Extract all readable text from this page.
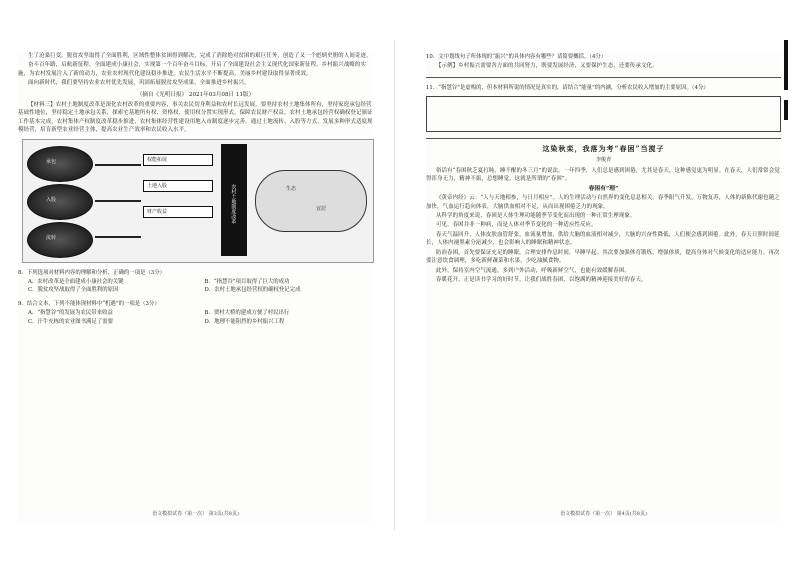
生了沧桑巨变。脱贫攻坚取得了全面胜利，区域性整体贫困得到解决，完成了消除绝对贫困的艰巨任务，创造了又一个彪炳史册的人间奇迹。

奋斗百年路，启航新征程。全面建成小康社会，实现第一个百年奋斗目标，开启了全面建设社会主义现代化国家新征程。乡村振兴战略的实施，为农村发展注入了新的动力，农业农村现代化建设稳步推进，农民生活水平不断提高，美丽乡村建设取得显著成效。

面向新时代，我们要坚持农业农村优先发展，巩固拓展脱贫攻坚成果，全面推进乡村振兴。

（摘自《光明日报》 2021年03月08日 11版）

【材料三】农村土地制度改革是深化农村改革的重要内容，事关农民切身利益和农村长远发展。要坚持农村土地集体所有，坚持家庭承包经营基础性地位，坚持稳定土地承包关系，探索宅基地所有权、资格权、使用权分置实现形式，保障农民财产权益。农村土地承包经营权确权登记颁证工作基本完成，农村集体产权制度改革稳步推进，农村集体经营性建设用地入市制度逐步完善。通过土地流转、入股等方式，发展多种形式适度规模经营，培育新型农业经营主体，提高农业生产效率和农民收入水平。

承包
入股
流转
权能拓展
土地入股
财产收益	农村土地制度改革	生态
宜居
8．下列选项对材料内容的理解和分析，正确的一项是（3分）
A．农村改革是全面建成小康社会的关键	B．“指慧谷”项目取得了巨大的成功
C．脱贫攻坚战取得了全面胜利的原因	D．农村土地承包经营权的确权登记完成
9．结合文本，下列不能体现材料中“机遇”的一项是（3分）
A．“指慧谷”的发展为农民带来收益	B．贾村大桥的建成方便了村民出行
C．汗牛充栋的农业图书满足了需要	D．地理不能阻挡的乡村振兴工程
语文模拟试卷（第一次） 第3页(共8页)
10．文中划线句子所体现的“振兴”的具体内容有哪些？请简要概括。（4分）

【示例】乡村振兴需要各方面的共同努力，既要发展经济，又要保护生态，还要传承文化。

11．“指慧谷”是虚构的，但本材料所说的情况是真实的，请结合“能量”的内涵，分析农民收入增加的主要原因。（4分）
这染秋栾，我落为考“春困”当搅子
李俊青

俗话有“春困秋乏夏打盹，睡不醒的冬三月”的说法。一年四季，人们总是感到困倦，尤其是春天，这种感觉更为明显。在春天，人们常常会觉得浑身无力，精神不振，总想睡觉，这就是所谓的“春困”。

春困有“理”

《黄帝内经》云：“人与天地相参，与日月相应”。人的生理活动与自然界的变化息息相关。春季阳气升发，万物复苏，人体的新陈代谢也随之加快，气血运行趋向体表，大脑供血相对不足，从而出现困倦乏力的现象。

从科学的角度来说，春困是人体生理功能随季节变化而出现的一种正常生理现象。

可见，春困并非一种病，而是人体对季节变化的一种适应性反应。

春天气温回升，人体皮肤血管舒张，血流量增加，供给大脑的血液相对减少，大脑的兴奋性降低，人们便会感到困倦。此外，春天日照时间延长，人体内褪黑素分泌减少，也会影响人的睡眠和精神状态。

防治春困，首先要保证充足的睡眠，合理安排作息时间，早睡早起。其次要加强体育锻炼，增强体质，提高身体对气候变化的适应能力。再次要注意饮食调理，多吃新鲜蔬菜和水果，少吃油腻食物。

此外，保持室内空气流通，多到户外活动，呼吸新鲜空气，也能有效缓解春困。

春暖花开，正是读书学习的好时节，让我们战胜春困，以饱满的精神迎接美好的春天。

语文模拟试卷（第一次） 第4页(共8页)
